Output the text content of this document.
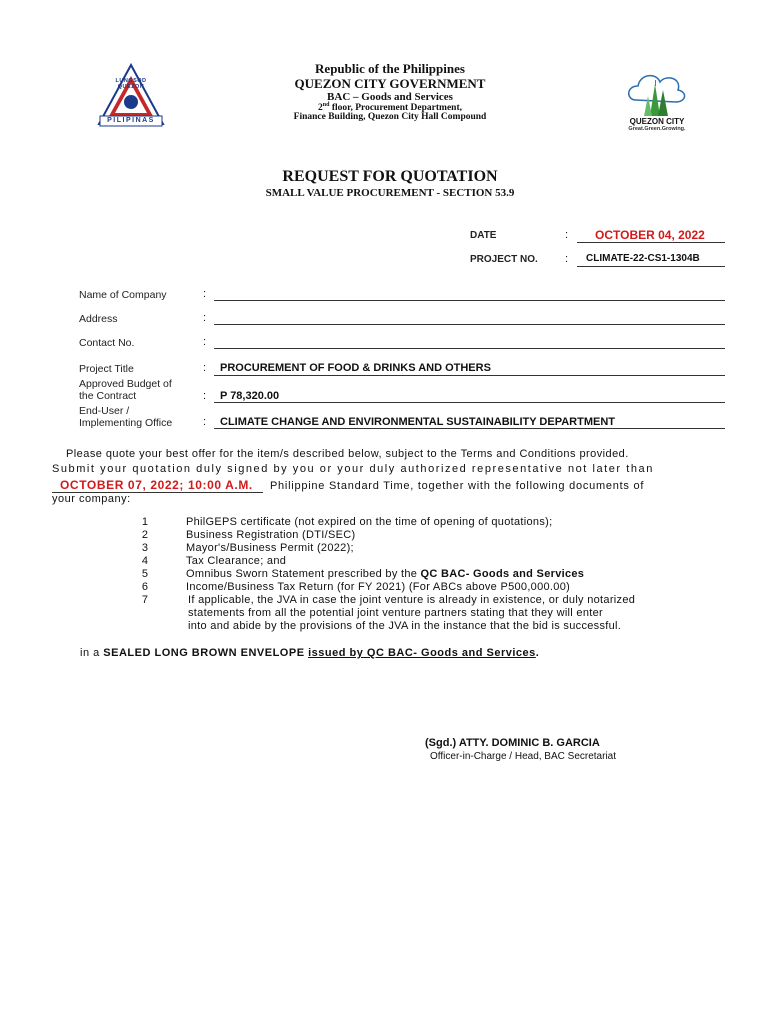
LUNGSOD QUEZON
PILIPINAS
Republic of the Philippines
QUEZON CITY GOVERNMENT
BAC – Goods and Services
2nd floor, Procurement Department,
Finance Building, Quezon City Hall Compound	QUEZON CITY
Great.Green.Growing.
REQUEST FOR QUOTATION
SMALL VALUE PROCUREMENT - SECTION 53.9
DATE	: OCTOBER 04, 2022
PROJECT NO. : CLIMATE-22-CS1-1304B
Name of Company	:
Address	:
Contact No.	:
Project Title	: PROCUREMENT OF FOOD & DRINKS AND OTHERS
Approved Budget of
the Contract	: P 78,320.00
End-User /
Implementing Office	: CLIMATE CHANGE AND ENVIRONMENTAL SUSTAINABILITY DEPARTMENT
Please quote your best offer for the item/s described below, subject to the Terms and Conditions provided.
Submit your quotation duly signed by you or your duly authorized representative not later than
OCTOBER 07, 2022; 10:00 A.M. Philippine Standard Time, together with the following documents of
your company:
1	PhilGEPS certificate (not expired on the time of opening of quotations);
2	Business Registration (DTI/SEC)
3	Mayor's/Business Permit (2022);
4	Tax Clearance; and
5	Omnibus Sworn Statement prescribed by the QC BAC- Goods and Services
6	Income/Business Tax Return (for FY 2021) (For ABCs above P500,000.00)
7	If applicable, the JVA in case the joint venture is already in existence, or duly notarized
statements from all the potential joint venture partners stating that they will enter
into and abide by the provisions of the JVA in the instance that the bid is successful.
in a SEALED LONG BROWN ENVELOPE issued by QC BAC- Goods and Services.
(Sgd.) ATTY. DOMINIC B. GARCIA
Officer-in-Charge / Head, BAC Secretariat
